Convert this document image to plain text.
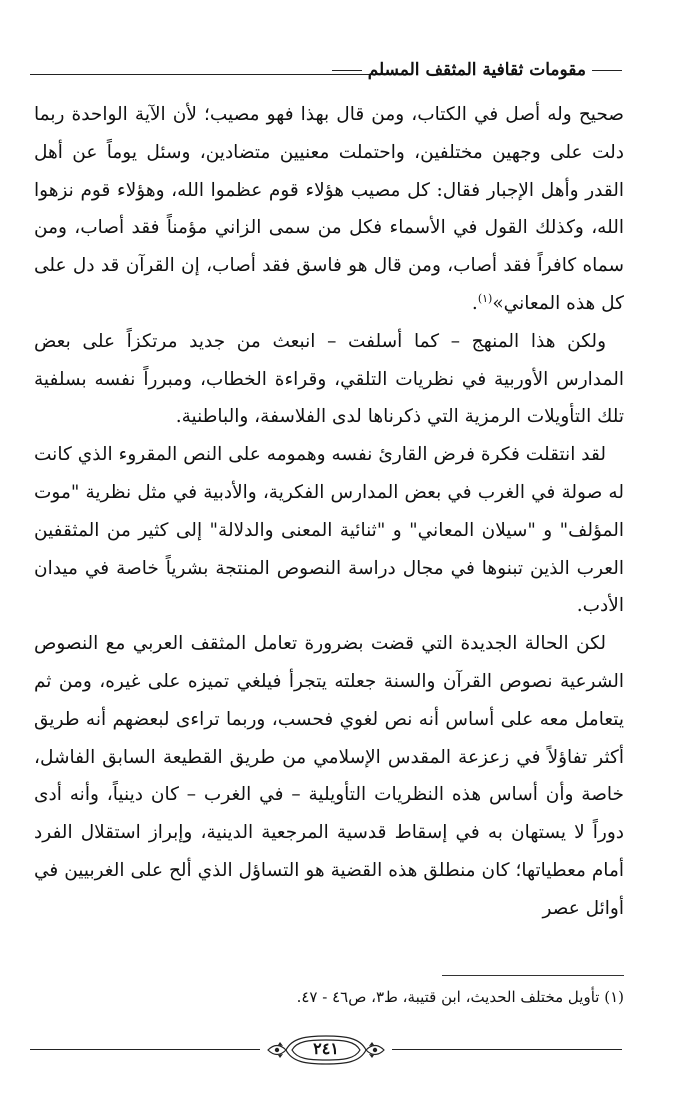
مقومات ثقافية المثقف المسلم

صحيح وله أصل في الكتاب، ومن قال بهذا فهو مصيب؛ لأن الآية الواحدة ربما دلت على وجهين مختلفين، واحتملت معنيين متضادين، وسئل يوماً عن أهل القدر وأهل الإجبار فقال: كل مصيب هؤلاء قوم عظموا الله، وهؤلاء قوم نزهوا الله، وكذلك القول في الأسماء فكل من سمى الزاني مؤمناً فقد أصاب، ومن سماه كافراً فقد أصاب، ومن قال هو فاسق فقد أصاب، إن القرآن قد دل على كل هذه المعاني»$^{(١)}$.

ولكن هذا المنهج – كما أسلفت – انبعث من جديد مرتكزاً على بعض المدارس الأوربية في نظريات التلقي، وقراءة الخطاب، ومبرراً نفسه بسلفية تلك التأويلات الرمزية التي ذكرناها لدى الفلاسفة، والباطنية.

لقد انتقلت فكرة فرض القارئ نفسه وهمومه على النص المقروء الذي كانت له صولة في الغرب في بعض المدارس الفكرية، والأدبية في مثل نظرية "موت المؤلف" و "سيلان المعاني" و "ثنائية المعنى والدلالة" إلى كثير من المثقفين العرب الذين تبنوها في مجال دراسة النصوص المنتجة بشرياً خاصة في ميدان الأدب.

لكن الحالة الجديدة التي قضت بضرورة تعامل المثقف العربي مع النصوص الشرعية نصوص القرآن والسنة جعلته يتجرأ فيلغي تميزه على غيره، ومن ثم يتعامل معه على أساس أنه نص لغوي فحسب، وربما تراءى لبعضهم أنه طريق أكثر تفاؤلاً في زعزعة المقدس الإسلامي من طريق القطيعة السابق الفاشل، خاصة وأن أساس هذه النظريات التأويلية – في الغرب – كان دينياً، وأنه أدى دوراً لا يستهان به في إسقاط قدسية المرجعية الدينية، وإبراز استقلال الفرد أمام معطياتها؛ كان منطلق هذه القضية هو التساؤل الذي ألح على الغربيين في أوائل عصر

(١) تأويل مختلف الحديث، ابن قتيبة، ط٣، ص٤٦ - ٤٧.
٢٤١
